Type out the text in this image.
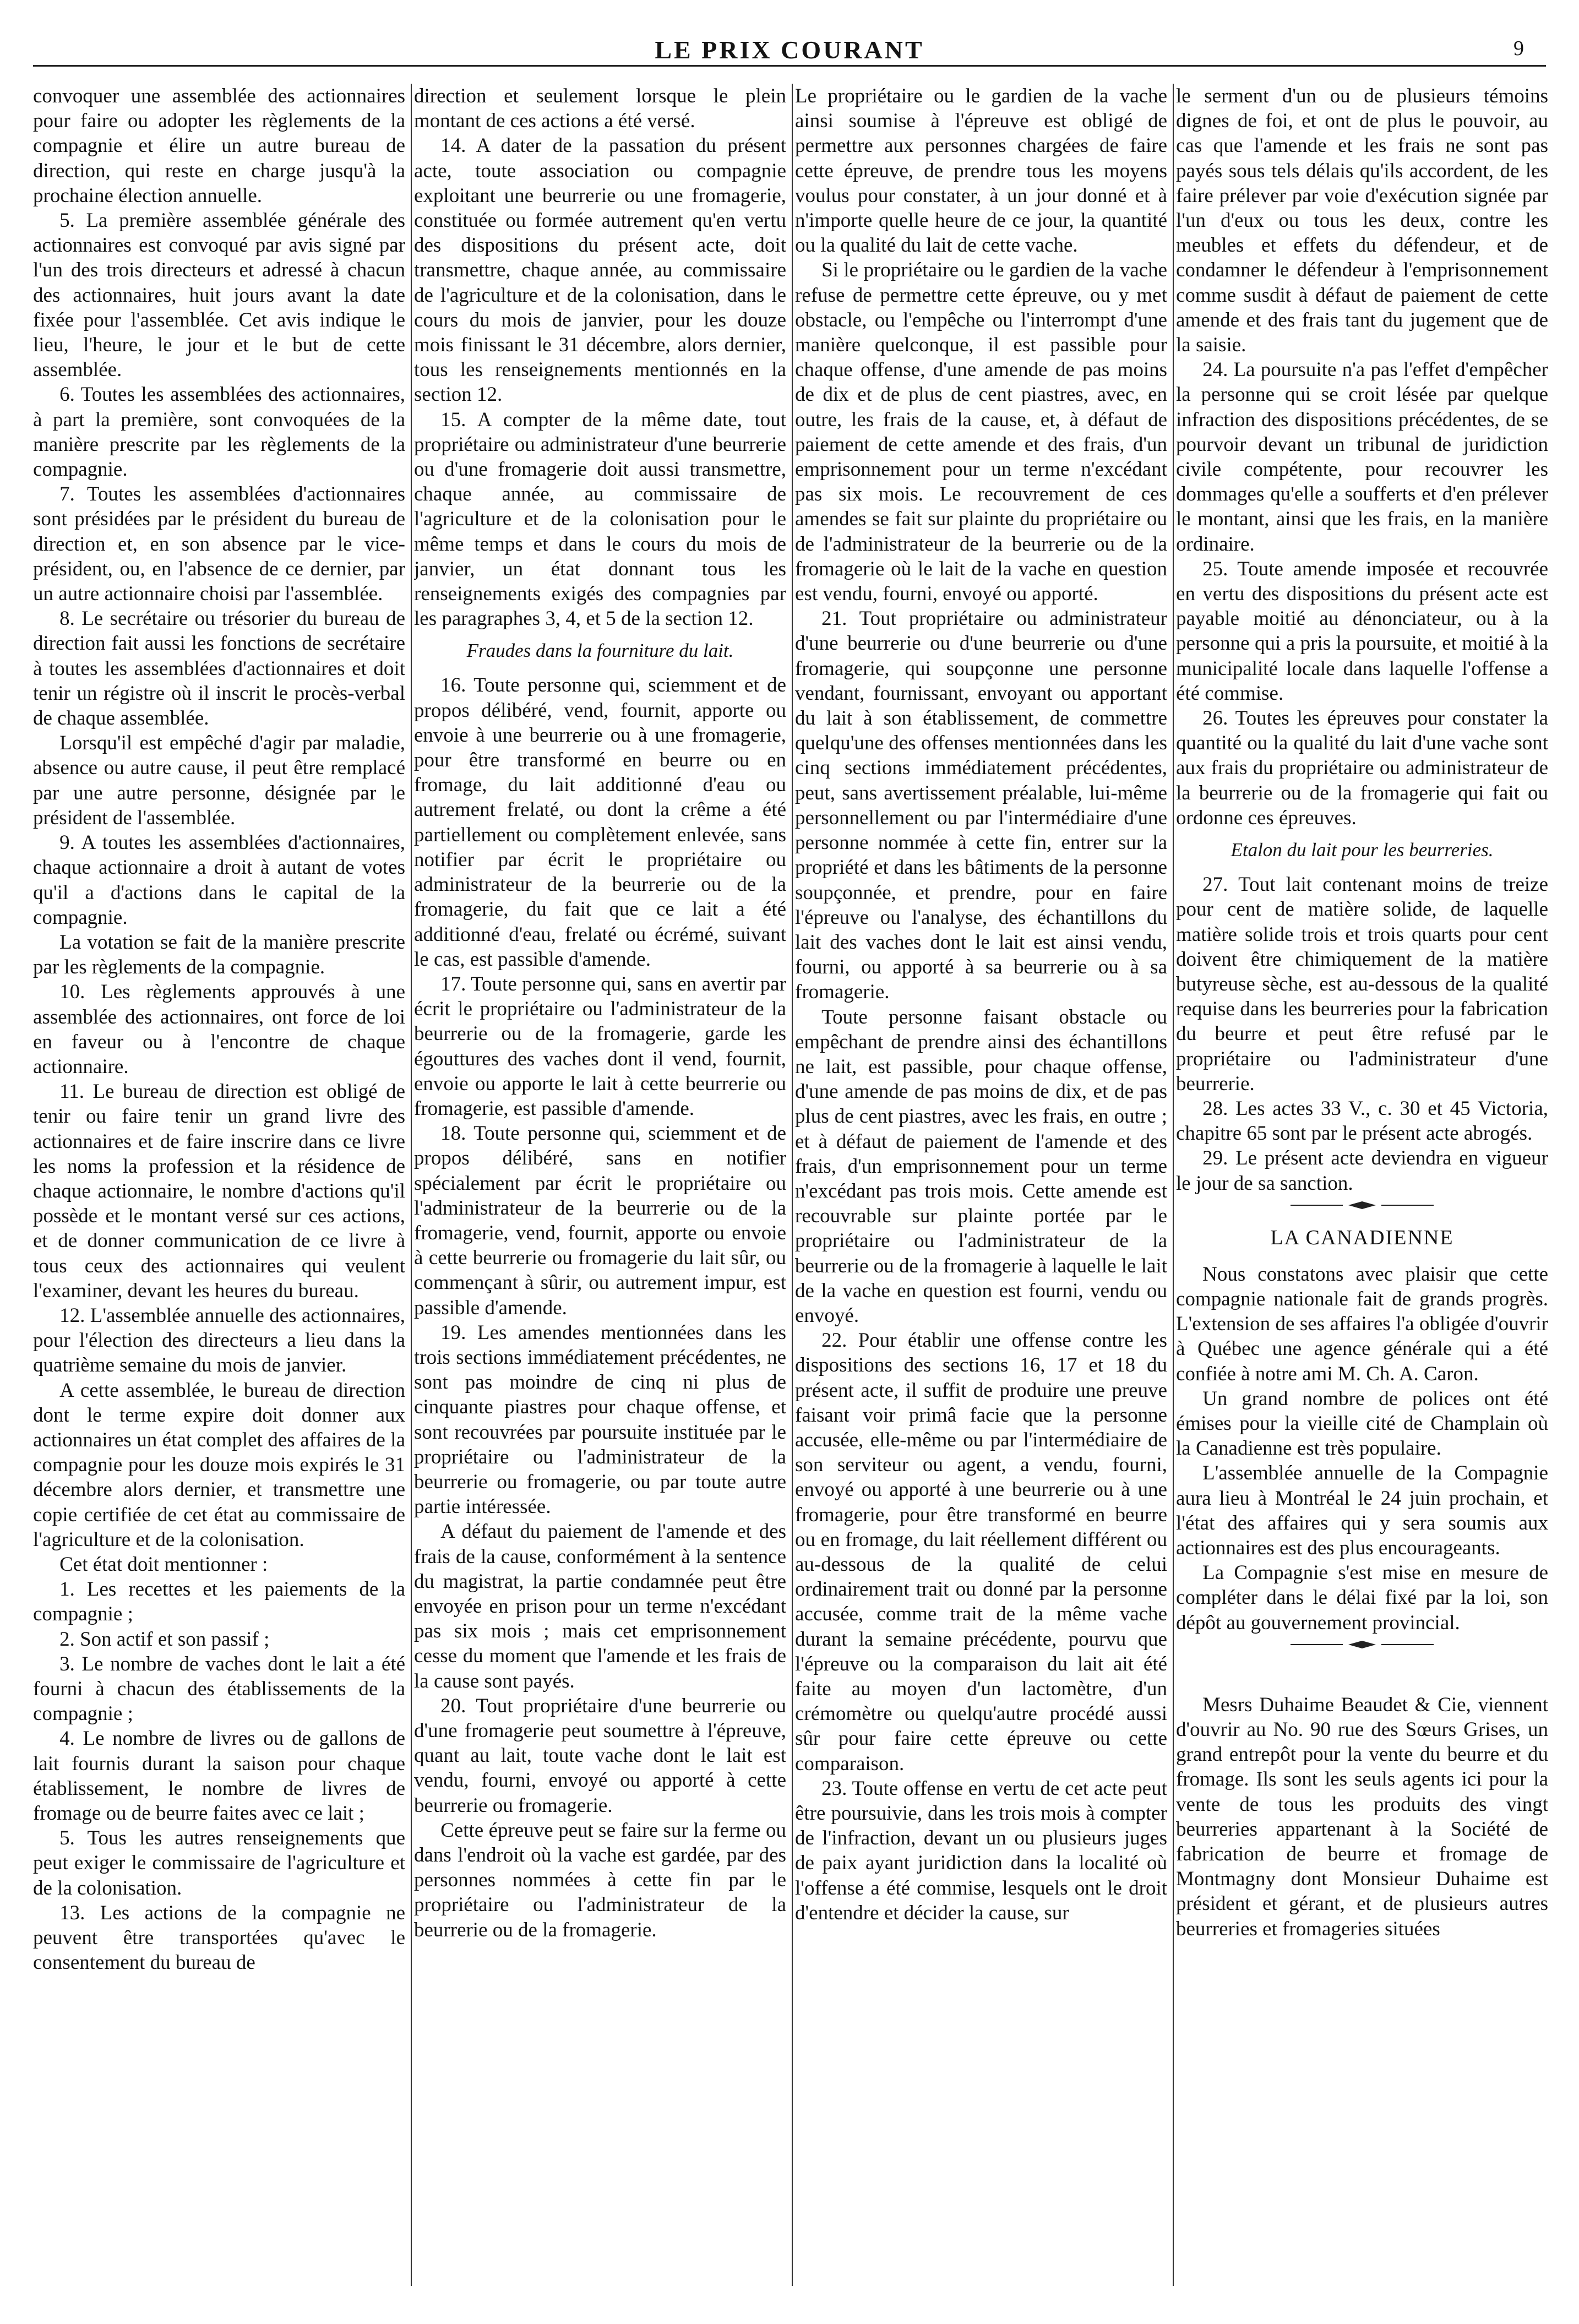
LE PRIX COURANT	9

convoquer une assemblée des actionnaires pour faire ou adopter les règlements de la compagnie et élire un autre bureau de direction, qui reste en charge jusqu'à la prochaine élection annuelle.

5. La première assemblée générale des actionnaires est convoqué par avis signé par l'un des trois directeurs et adressé à chacun des actionnaires, huit jours avant la date fixée pour l'assemblée. Cet avis indique le lieu, l'heure, le jour et le but de cette assemblée.

6. Toutes les assemblées des actionnaires, à part la première, sont convoquées de la manière prescrite par les règlements de la compagnie.

7. Toutes les assemblées d'actionnaires sont présidées par le président du bureau de direction et, en son absence par le vice-président, ou, en l'absence de ce dernier, par un autre actionnaire choisi par l'assemblée.

8. Le secrétaire ou trésorier du bureau de direction fait aussi les fonctions de secrétaire à toutes les assemblées d'actionnaires et doit tenir un régistre où il inscrit le procès-verbal de chaque assemblée.

Lorsqu'il est empêché d'agir par maladie, absence ou autre cause, il peut être remplacé par une autre personne, désignée par le président de l'assemblée.

9. A toutes les assemblées d'actionnaires, chaque actionnaire a droit à autant de votes qu'il a d'actions dans le capital de la compagnie.

La votation se fait de la manière prescrite par les règlements de la compagnie.

10. Les règlements approuvés à une assemblée des actionnaires, ont force de loi en faveur ou à l'encontre de chaque actionnaire.

11. Le bureau de direction est obligé de tenir ou faire tenir un grand livre des actionnaires et de faire inscrire dans ce livre les noms la profession et la résidence de chaque actionnaire, le nombre d'actions qu'il possède et le montant versé sur ces actions, et de donner communication de ce livre à tous ceux des actionnaires qui veulent l'examiner, devant les heures du bureau.

12. L'assemblée annuelle des actionnaires, pour l'élection des directeurs a lieu dans la quatrième semaine du mois de janvier.

A cette assemblée, le bureau de direction dont le terme expire doit donner aux actionnaires un état complet des affaires de la compagnie pour les douze mois expirés le 31 décembre alors dernier, et transmettre une copie certifiée de cet état au commissaire de l'agriculture et de la colonisation.

Cet état doit mentionner :

1. Les recettes et les paiements de la compagnie ;

2. Son actif et son passif ;

3. Le nombre de vaches dont le lait a été fourni à chacun des établissements de la compagnie ;

4. Le nombre de livres ou de gallons de lait fournis durant la saison pour chaque établissement, le nombre de livres de fromage ou de beurre faites avec ce lait ;

5. Tous les autres renseignements que peut exiger le commissaire de l'agriculture et de la colonisation.

13. Les actions de la compagnie ne peuvent être transportées qu'avec le consentement du bureau de

direction et seulement lorsque le plein montant de ces actions a été versé.

14. A dater de la passation du présent acte, toute association ou compagnie exploitant une beurrerie ou une fromagerie, constituée ou formée autrement qu'en vertu des dispositions du présent acte, doit transmettre, chaque année, au commissaire de l'agriculture et de la colonisation, dans le cours du mois de janvier, pour les douze mois finissant le 31 décembre, alors dernier, tous les renseignements mentionnés en la section 12.

15. A compter de la même date, tout propriétaire ou administrateur d'une beurrerie ou d'une fromagerie doit aussi transmettre, chaque année, au commissaire de l'agriculture et de la colonisation pour le même temps et dans le cours du mois de janvier, un état donnant tous les renseignements exigés des compagnies par les paragraphes 3, 4, et 5 de la section 12.

Fraudes dans la fourniture du lait.

16. Toute personne qui, sciemment et de propos délibéré, vend, fournit, apporte ou envoie à une beurrerie ou à une fromagerie, pour être transformé en beurre ou en fromage, du lait additionné d'eau ou autrement frelaté, ou dont la crême a été partiellement ou complètement enlevée, sans notifier par écrit le propriétaire ou administrateur de la beurrerie ou de la fromagerie, du fait que ce lait a été additionné d'eau, frelaté ou écrémé, suivant le cas, est passible d'amende.

17. Toute personne qui, sans en avertir par écrit le propriétaire ou l'administrateur de la beurrerie ou de la fromagerie, garde les égouttures des vaches dont il vend, fournit, envoie ou apporte le lait à cette beurrerie ou fromagerie, est passible d'amende.

18. Toute personne qui, sciemment et de propos délibéré, sans en notifier spécialement par écrit le propriétaire ou l'administrateur de la beurrerie ou de la fromagerie, vend, fournit, apporte ou envoie à cette beurrerie ou fromagerie du lait sûr, ou commençant à sûrir, ou autrement impur, est passible d'amende.

19. Les amendes mentionnées dans les trois sections immédiatement précédentes, ne sont pas moindre de cinq ni plus de cinquante piastres pour chaque offense, et sont recouvrées par poursuite instituée par le propriétaire ou l'administrateur de la beurrerie ou fromagerie, ou par toute autre partie intéressée.

A défaut du paiement de l'amende et des frais de la cause, conformément à la sentence du magistrat, la partie condamnée peut être envoyée en prison pour un terme n'excédant pas six mois ; mais cet emprisonnement cesse du moment que l'amende et les frais de la cause sont payés.

20. Tout propriétaire d'une beurrerie ou d'une fromagerie peut soumettre à l'épreuve, quant au lait, toute vache dont le lait est vendu, fourni, envoyé ou apporté à cette beurrerie ou fromagerie.

Cette épreuve peut se faire sur la ferme ou dans l'endroit où la vache est gardée, par des personnes nommées à cette fin par le propriétaire ou l'administrateur de la beurrerie ou de la fromagerie.

Le propriétaire ou le gardien de la vache ainsi soumise à l'épreuve est obligé de permettre aux personnes chargées de faire cette épreuve, de prendre tous les moyens voulus pour constater, à un jour donné et à n'importe quelle heure de ce jour, la quantité ou la qualité du lait de cette vache.

Si le propriétaire ou le gardien de la vache refuse de permettre cette épreuve, ou y met obstacle, ou l'empêche ou l'interrompt d'une manière quelconque, il est passible pour chaque offense, d'une amende de pas moins de dix et de plus de cent piastres, avec, en outre, les frais de la cause, et, à défaut de paiement de cette amende et des frais, d'un emprisonnement pour un terme n'excédant pas six mois. Le recouvrement de ces amendes se fait sur plainte du propriétaire ou de l'administrateur de la beurrerie ou de la fromagerie où le lait de la vache en question est vendu, fourni, envoyé ou apporté.

21. Tout propriétaire ou administrateur d'une beurrerie ou d'une beurrerie ou d'une fromagerie, qui soupçonne une personne vendant, fournissant, envoyant ou apportant du lait à son établissement, de commettre quelqu'une des offenses mentionnées dans les cinq sections immédiatement précédentes, peut, sans avertissement préalable, lui-même personnellement ou par l'intermédiaire d'une personne nommée à cette fin, entrer sur la propriété et dans les bâtiments de la personne soupçonnée, et prendre, pour en faire l'épreuve ou l'analyse, des échantillons du lait des vaches dont le lait est ainsi vendu, fourni, ou apporté à sa beurrerie ou à sa fromagerie.

Toute personne faisant obstacle ou empêchant de prendre ainsi des échantillons ne lait, est passible, pour chaque offense, d'une amende de pas moins de dix, et de pas plus de cent piastres, avec les frais, en outre ; et à défaut de paiement de l'amende et des frais, d'un emprisonnement pour un terme n'excédant pas trois mois. Cette amende est recouvrable sur plainte portée par le propriétaire ou l'administrateur de la beurrerie ou de la fromagerie à laquelle le lait de la vache en question est fourni, vendu ou envoyé.

22. Pour établir une offense contre les dispositions des sections 16, 17 et 18 du présent acte, il suffit de produire une preuve faisant voir primâ facie que la personne accusée, elle-même ou par l'intermédiaire de son serviteur ou agent, a vendu, fourni, envoyé ou apporté à une beurrerie ou à une fromagerie, pour être transformé en beurre ou en fromage, du lait réellement différent ou au-dessous de la qualité de celui ordinairement trait ou donné par la personne accusée, comme trait de la même vache durant la semaine précédente, pourvu que l'épreuve ou la comparaison du lait ait été faite au moyen d'un lactomètre, d'un crémomètre ou quelqu'autre procédé aussi sûr pour faire cette épreuve ou cette comparaison.

23. Toute offense en vertu de cet acte peut être poursuivie, dans les trois mois à compter de l'infraction, devant un ou plusieurs juges de paix ayant juridiction dans la localité où l'offense a été commise, lesquels ont le droit d'entendre et décider la cause, sur

le serment d'un ou de plusieurs témoins dignes de foi, et ont de plus le pouvoir, au cas que l'amende et les frais ne sont pas payés sous tels délais qu'ils accordent, de les faire prélever par voie d'exécution signée par l'un d'eux ou tous les deux, contre les meubles et effets du défendeur, et de condamner le défendeur à l'emprisonnement comme susdit à défaut de paiement de cette amende et des frais tant du jugement que de la saisie.

24. La poursuite n'a pas l'effet d'empêcher la personne qui se croit lésée par quelque infraction des dispositions précédentes, de se pourvoir devant un tribunal de juridiction civile compétente, pour recouvrer les dommages qu'elle a soufferts et d'en prélever le montant, ainsi que les frais, en la manière ordinaire.

25. Toute amende imposée et recouvrée en vertu des dispositions du présent acte est payable moitié au dénonciateur, ou à la personne qui a pris la poursuite, et moitié à la municipalité locale dans laquelle l'offense a été commise.

26. Toutes les épreuves pour constater la quantité ou la qualité du lait d'une vache sont aux frais du propriétaire ou administrateur de la beurrerie ou de la fromagerie qui fait ou ordonne ces épreuves.

Etalon du lait pour les beurreries.

27. Tout lait contenant moins de treize pour cent de matière solide, de laquelle matière solide trois et trois quarts pour cent doivent être chimiquement de la matière butyreuse sèche, est au-dessous de la qualité requise dans les beurreries pour la fabrication du beurre et peut être refusé par le propriétaire ou l'administrateur d'une beurrerie.

28. Les actes 33 V., c. 30 et 45 Victoria, chapitre 65 sont par le présent acte abrogés.

29. Le présent acte deviendra en vigueur le jour de sa sanction.

LA CANADIENNE

Nous constatons avec plaisir que cette compagnie nationale fait de grands progrès. L'extension de ses affaires l'a obligée d'ouvrir à Québec une agence générale qui a été confiée à notre ami M. Ch. A. Caron.

Un grand nombre de polices ont été émises pour la vieille cité de Champlain où la Canadienne est très populaire.

L'assemblée annuelle de la Compagnie aura lieu à Montréal le 24 juin prochain, et l'état des affaires qui y sera soumis aux actionnaires est des plus encourageants.

La Compagnie s'est mise en mesure de compléter dans le délai fixé par la loi, son dépôt au gouvernement provincial.

Mesrs Duhaime Beaudet & Cie, viennent d'ouvrir au No. 90 rue des Sœurs Grises, un grand entrepôt pour la vente du beurre et du fromage. Ils sont les seuls agents ici pour la vente de tous les produits des vingt beurreries appartenant à la Société de fabrication de beurre et fromage de Montmagny dont Monsieur Duhaime est président et gérant, et de plusieurs autres beurreries et fromageries situées
